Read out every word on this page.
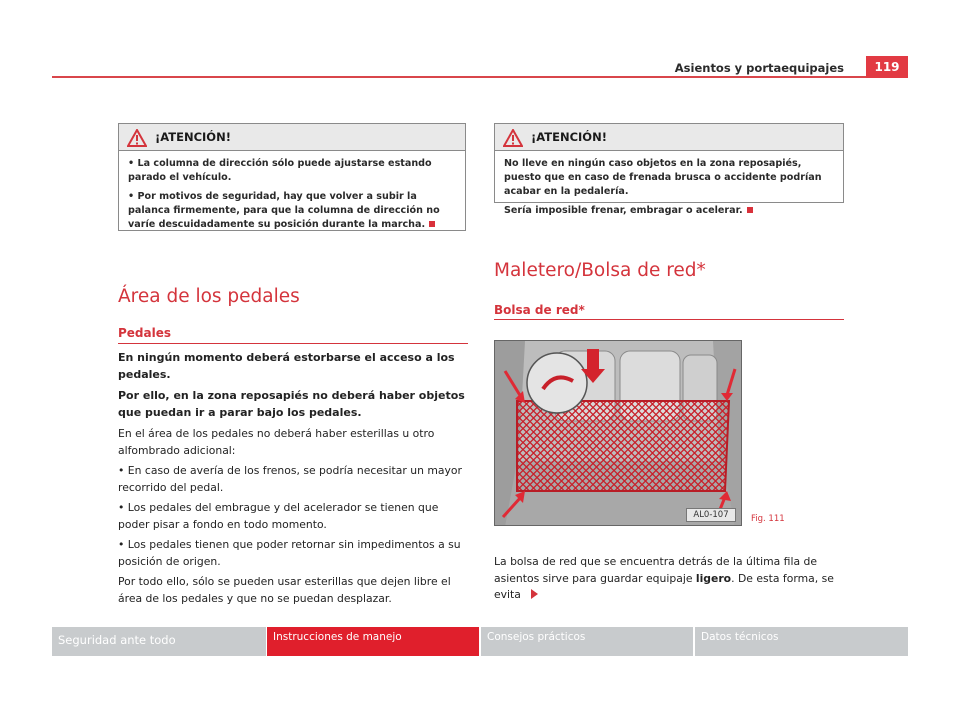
Asientos y portaequipajes	119
¡ATENCIÓN!

• La columna de dirección sólo puede ajustarse estando parado el vehículo.

• Por motivos de seguridad, hay que volver a subir la palanca firmemente, para que la columna de dirección no varíe descuidadamente su posición durante la marcha.

¡ATENCIÓN!

No lleve en ningún caso objetos en la zona reposapiés, puesto que en caso de frenada brusca o accidente podrían acabar en la pedalería.

Sería imposible frenar, embragar o acelerar.

Área de los pedales
Pedales
En ningún momento deberá estorbarse el acceso a los pedales.
Por ello, en la zona reposapiés no deberá haber objetos que puedan ir a parar bajo los pedales.
En el área de los pedales no deberá haber esterillas u otro alfombrado adicional:
• En caso de avería de los frenos, se podría necesitar un mayor recorrido del pedal.
• Los pedales del embrague y del acelerador se tienen que poder pisar a fondo en todo momento.
• Los pedales tienen que poder retornar sin impedimentos a su posición de origen.
Por todo ello, sólo se pueden usar esterillas que dejen libre el área de los pedales y que no se puedan desplazar.
Maletero/Bolsa de red*
Bolsa de red*
AL0-107	Fig. 111
La bolsa de red que se encuentra detrás de la última fila de asientos sirve para guardar equipaje ligero. De esta forma, se evita
Seguridad ante todo	Instrucciones de manejo	Consejos prácticos	Datos técnicos
